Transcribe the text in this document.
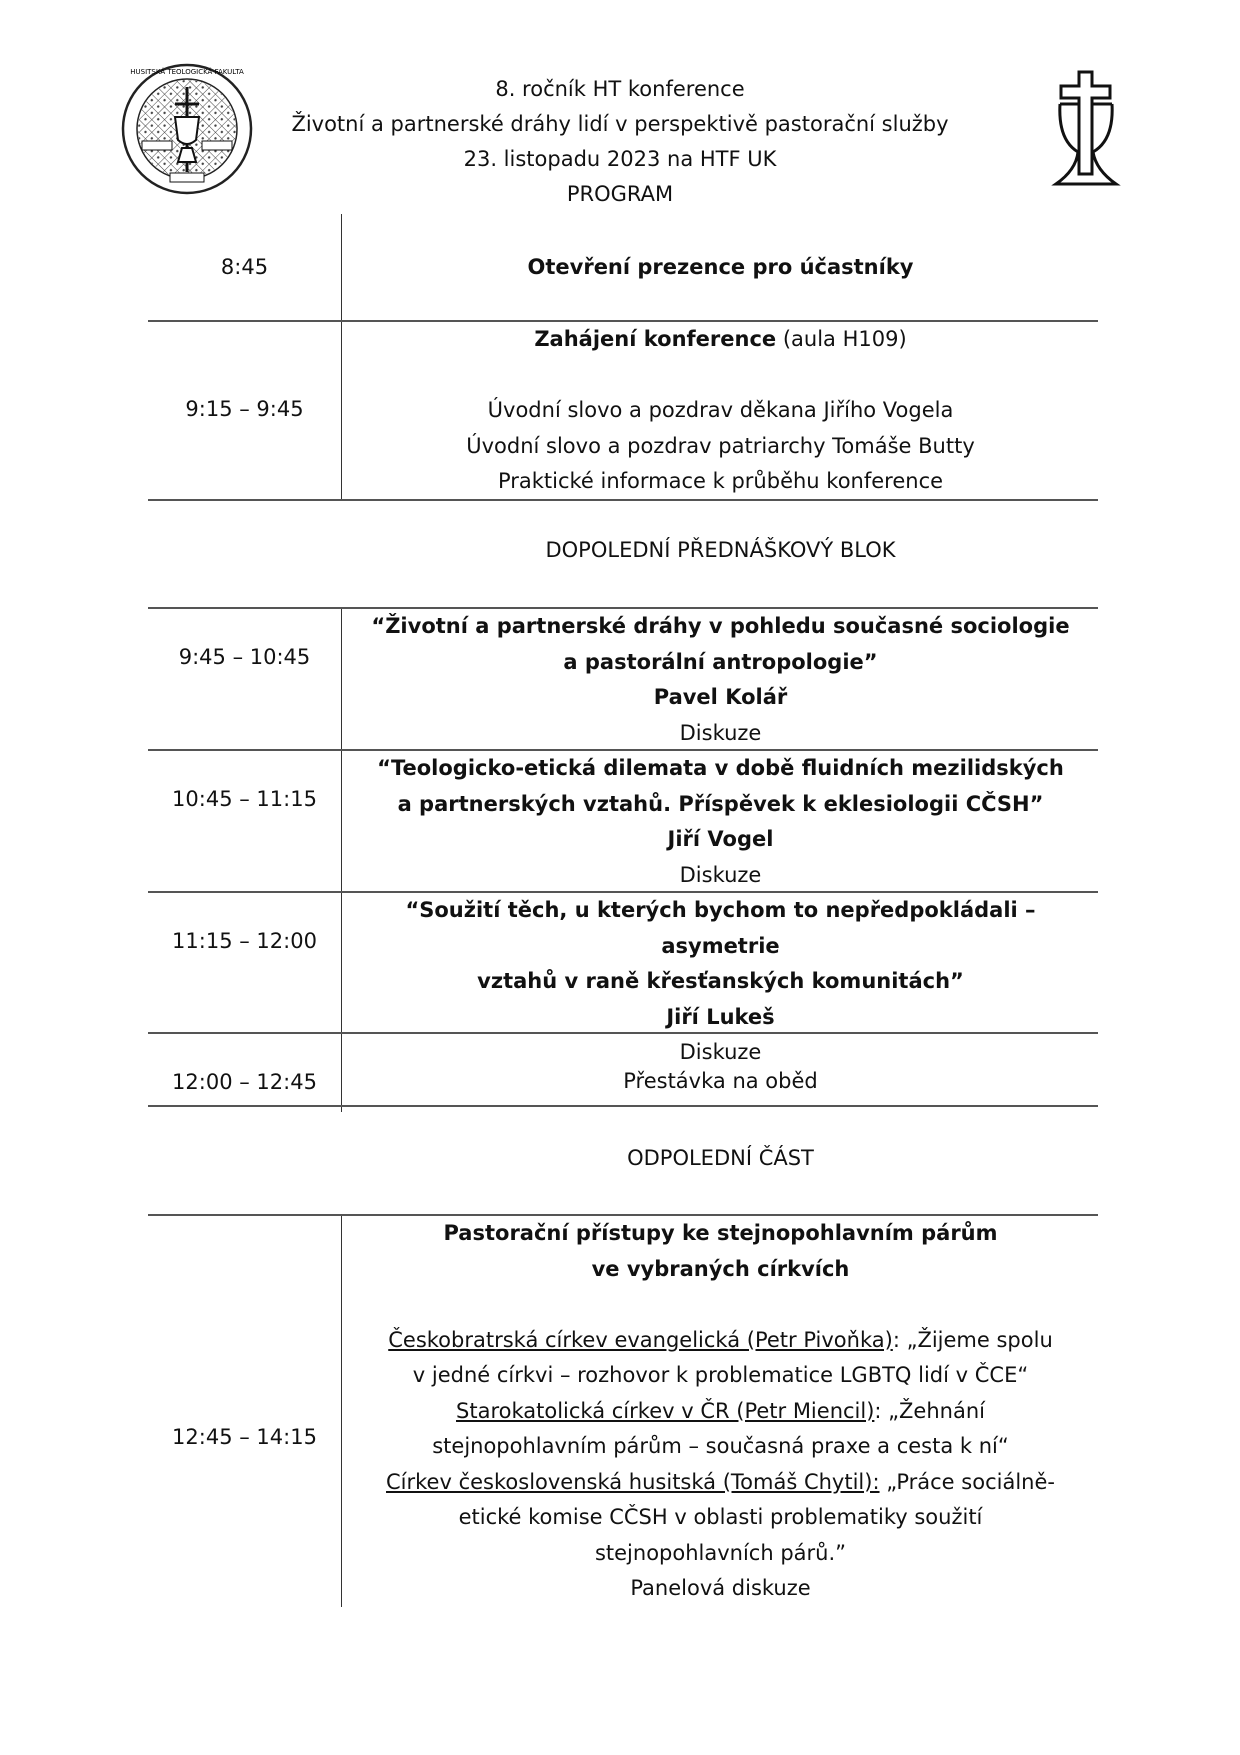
HUSITSKÁ TEOLOGICKÁ FAKULTA
8. ročník HT konference
Životní a partnerské dráhy lidí v perspektivě pastorační služby
23. listopadu 2023 na HTF UK
PROGRAM
8:45	Otevření prezence pro účastníky
9:15 – 9:45
Zahájení konference (aula H109)

Úvodní slovo a pozdrav děkana Jiřího Vogela
Úvodní slovo a pozdrav patriarchy Tomáše Butty
Praktické informace k průběhu konference
DOPOLEDNÍ PŘEDNÁŠKOVÝ BLOK
9:45 – 10:45
“Životní a partnerské dráhy v pohledu současné sociologie
a pastorální antropologie”
Pavel Kolář
Diskuze
10:45 – 11:15
“Teologicko-etická dilemata v době fluidních mezilidských
a partnerských vztahů. Příspěvek k eklesiologii CČSH”
Jiří Vogel
Diskuze
11:15 – 12:00
“Soužití těch, u kterých bychom to nepředpokládali – asymetrie
vztahů v raně křesťanských komunitách”
Jiří Lukeš
Diskuze
12:00 – 12:45	Přestávka na oběd
ODPOLEDNÍ ČÁST
12:45 – 14:15
Pastorační přístupy ke stejnopohlavním párům
ve vybraných církvích

Českobratrská církev evangelická (Petr Pivoňka): „Žijeme spolu
v jedné církvi – rozhovor k problematice LGBTQ lidí v ČCE“
Starokatolická církev v ČR (Petr Miencil): „Žehnání
stejnopohlavním párům – současná praxe a cesta k ní“
Církev československá husitská (Tomáš Chytil): „Práce sociálně-
etické komise CČSH v oblasti problematiky soužití
stejnopohlavních párů.”
Panelová diskuze
